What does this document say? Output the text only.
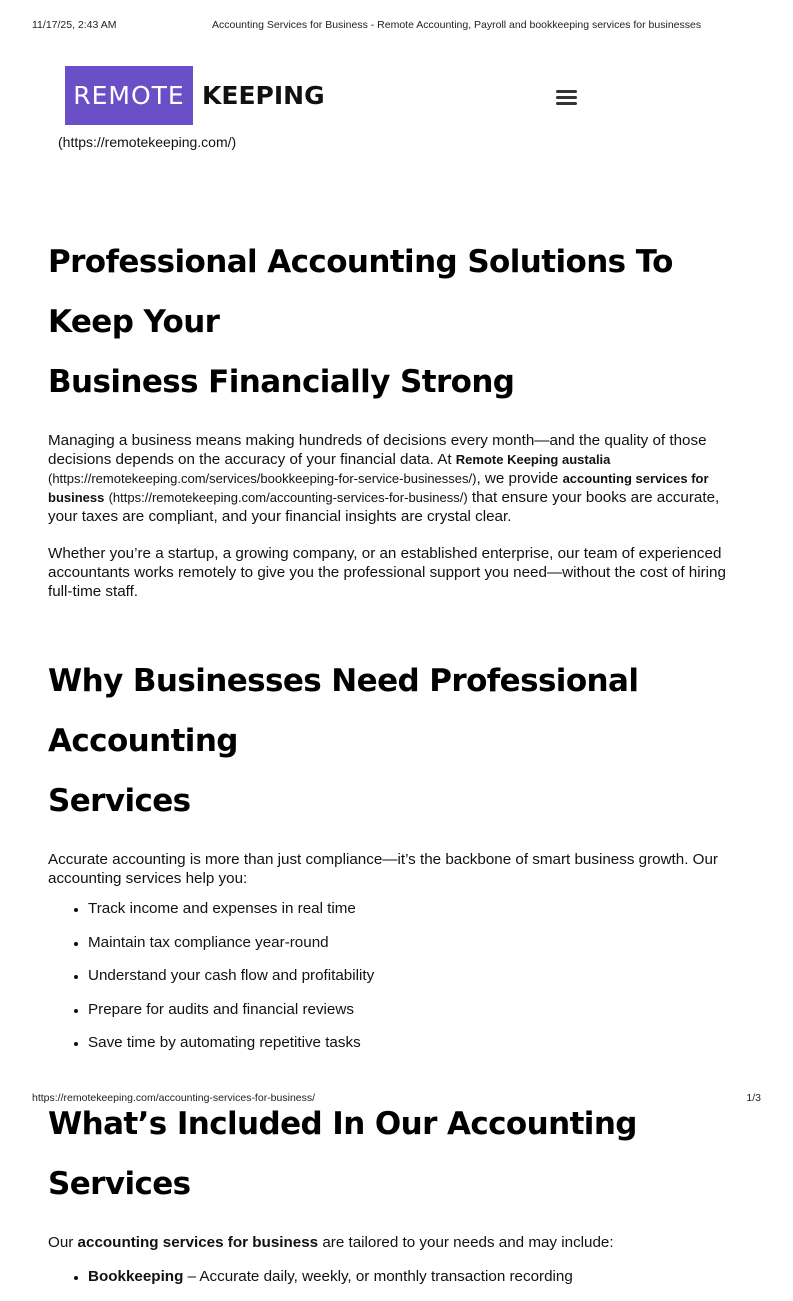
11/17/25, 2:43 AM	Accounting Services for Business - Remote Accounting, Payroll and bookkeeping services for businesses
REMOTE KEEPING
(https://remotekeeping.com/)
Professional Accounting Solutions To Keep Your
Business Financially Strong

Managing a business means making hundreds of decisions every month—and the quality of those decisions depends on the accuracy of your financial data. At Remote Keeping austalia (https://remotekeeping.com/services/bookkeeping-for-service-businesses/), we provide accounting services for business (https://remotekeeping.com/accounting-services-for-business/) that ensure your books are accurate, your taxes are compliant, and your financial insights are crystal clear.

Whether you’re a startup, a growing company, or an established enterprise, our team of experienced accountants works remotely to give you the professional support you need—without the cost of hiring full-time staff.

Why Businesses Need Professional Accounting
Services

Accurate accounting is more than just compliance—it’s the backbone of smart business growth. Our accounting services help you:

• Track income and expenses in real time
• Maintain tax compliance year-round
• Understand your cash flow and profitability
• Prepare for audits and financial reviews
• Save time by automating repetitive tasks
What’s Included In Our Accounting Services

Our accounting services for business are tailored to your needs and may include:

• Bookkeeping – Accurate daily, weekly, or monthly transaction recording
https://remotekeeping.com/accounting-services-for-business/	1/3
